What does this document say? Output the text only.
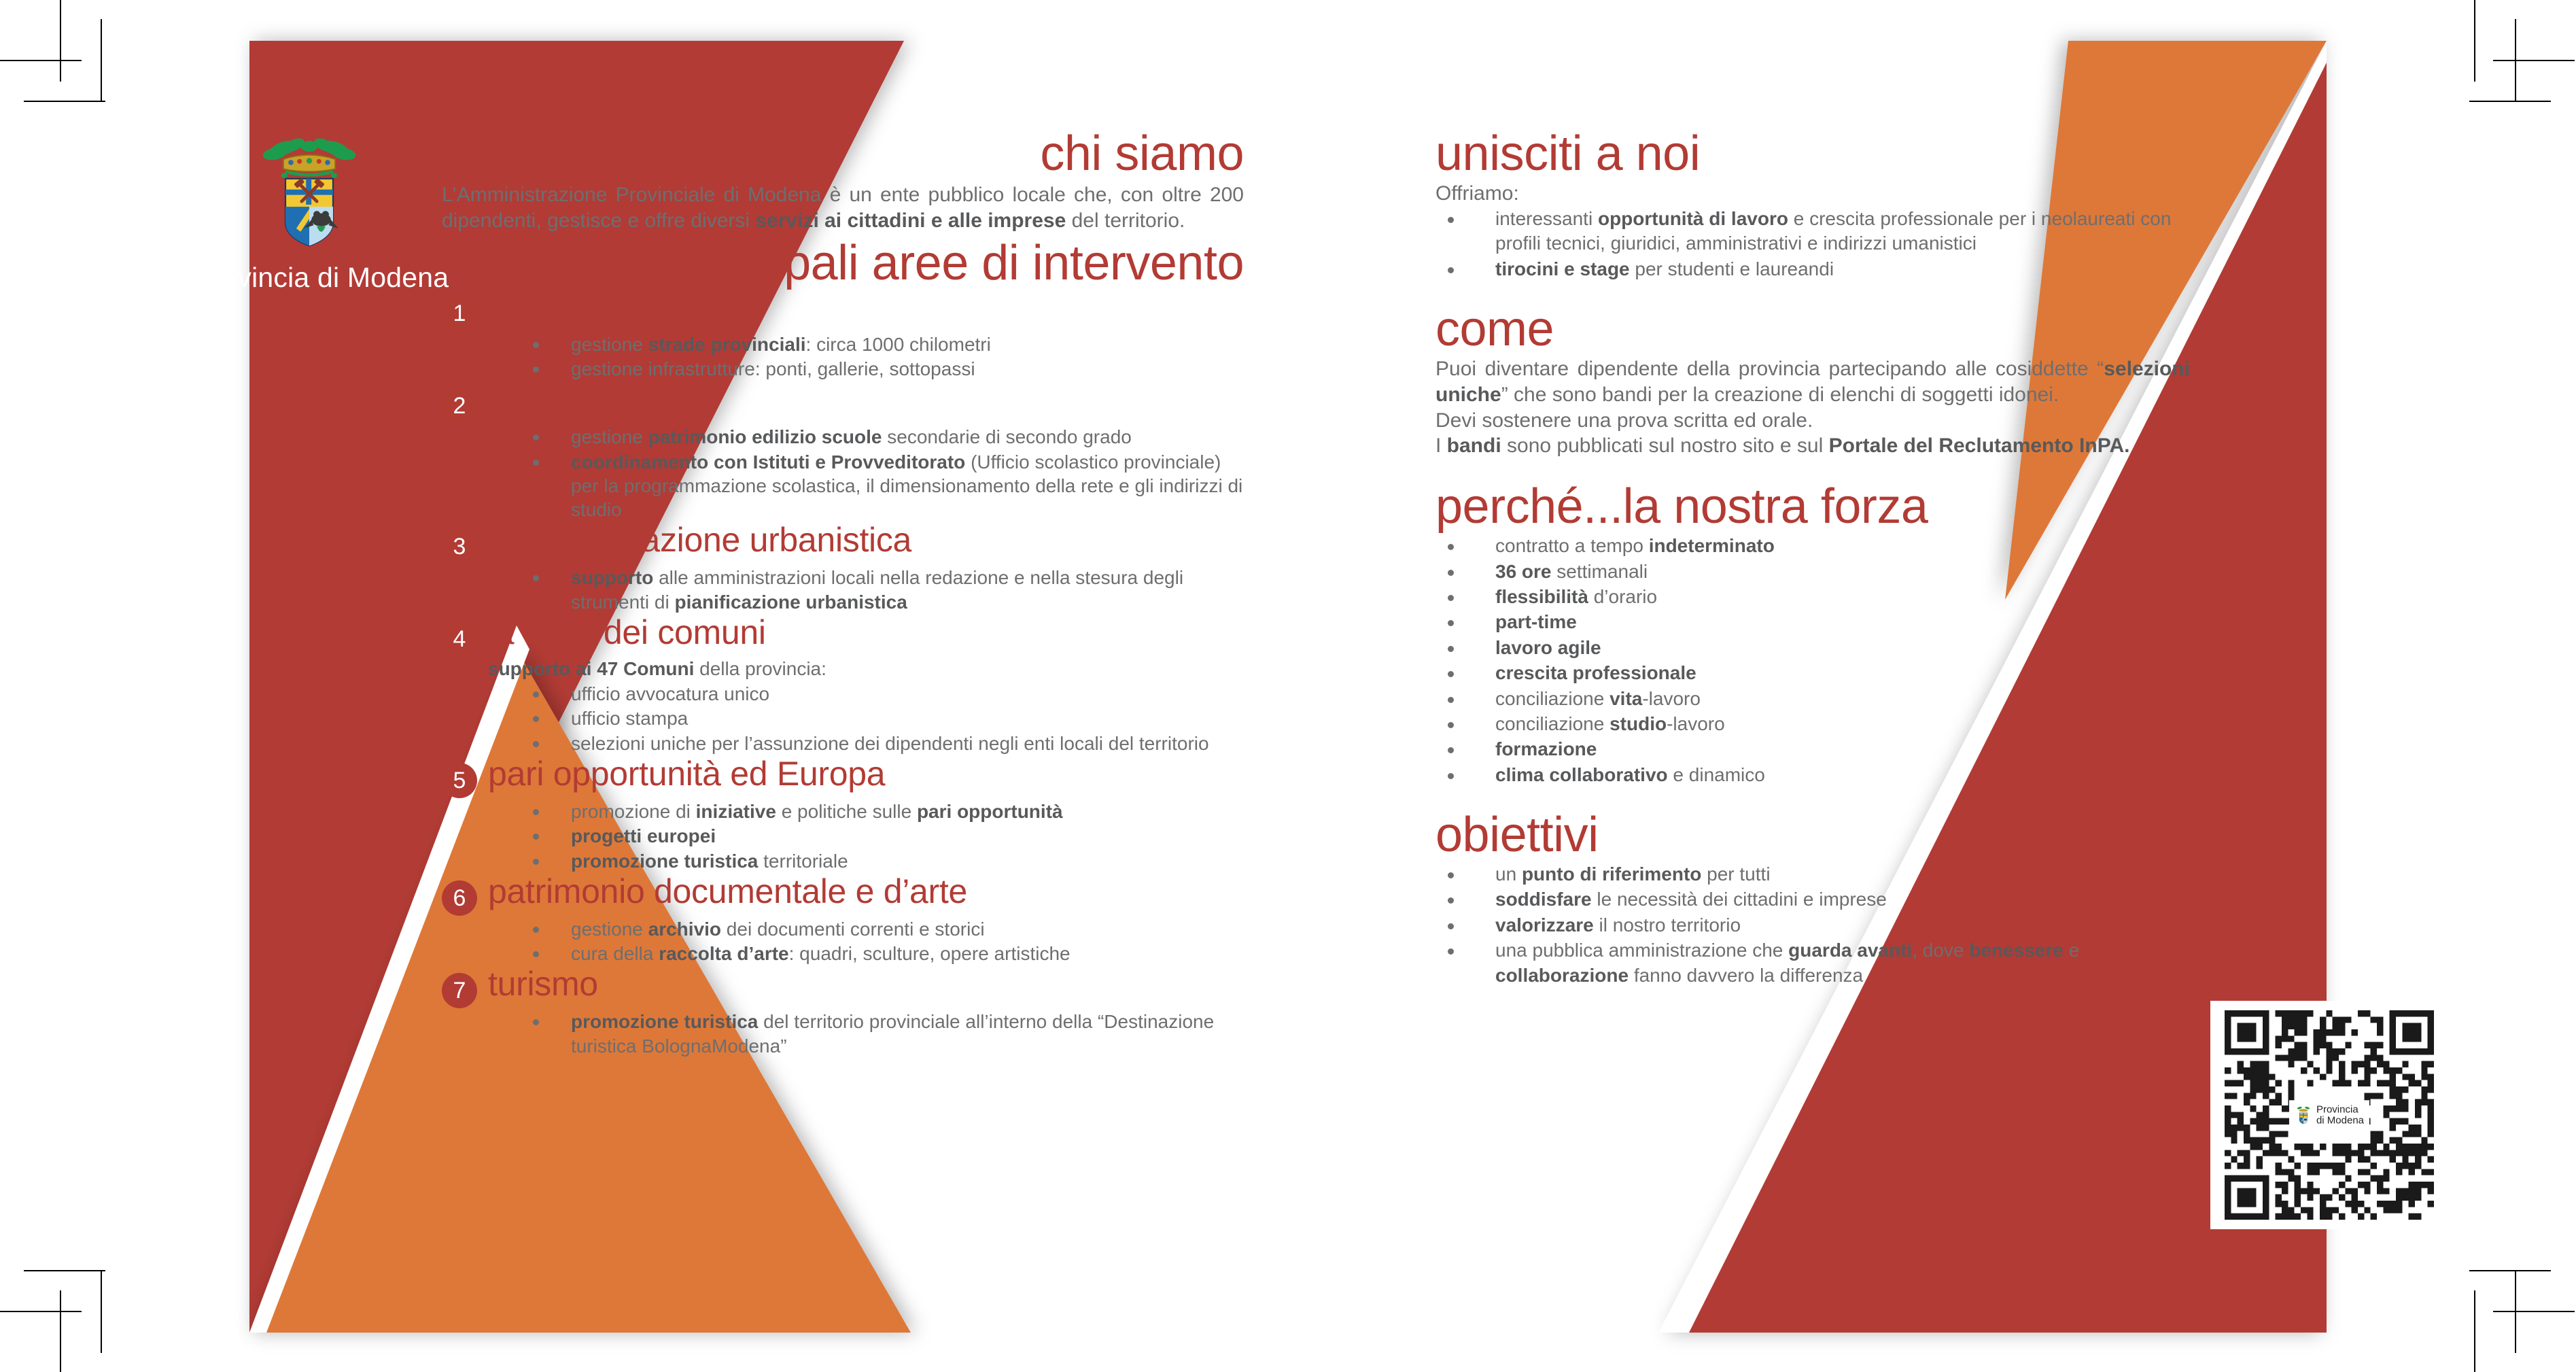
Provincia di Modena
chi siamo
L’Amministrazione Provinciale di Modena è un ente pubblico locale che, con oltre 200 dipendenti, gestisce e offre diversi servizi ai cittadini e alle imprese del territorio.
principali aree di intervento
1 viabilità e trasporti
gestione strade provinciali: circa 1000 chilometri
gestione infrastrutture: ponti, gallerie, sottopassi
2 scuola
gestione patrimonio edilizio scuole secondarie di secondo grado
coordinamento con Istituti e Provveditorato (Ufficio scolastico provinciale) per la programmazione scolastica, il dimensionamento della rete e gli indirizzi di studio
3 programmazione urbanistica
supporto alle amministrazioni locali nella redazione e nella stesura degli strumenti di pianificazione urbanistica
4 la casa dei comuni
supporto ai 47 Comuni della provincia:
ufficio avvocatura unico
ufficio stampa
selezioni uniche per l’assunzione dei dipendenti negli enti locali del territorio
5 pari opportunità ed Europa
promozione di iniziative e politiche sulle pari opportunità
progetti europei
promozione turistica territoriale
6 patrimonio documentale e d’arte
gestione archivio dei documenti correnti e storici
cura della raccolta d’arte: quadri, sculture, opere artistiche
7 turismo
promozione turistica del territorio provinciale all’interno della “Destinazione turistica BolognaModena”
unisciti a noi
Offriamo:
interessanti opportunità di lavoro e crescita professionale per i neolaureati con profili tecnici, giuridici, amministrativi e indirizzi umanistici
tirocini e stage per studenti e laureandi
come
Puoi diventare dipendente della provincia partecipando alle cosiddette “selezioni uniche” che sono bandi per la creazione di elenchi di soggetti idonei.
Devi sostenere una prova scritta ed orale.
I bandi sono pubblicati sul nostro sito e sul Portale del Reclutamento InPA.
perché...la nostra forza
contratto a tempo indeterminato
36 ore settimanali
flessibilità d’orario
part-time
lavoro agile
crescita professionale
conciliazione vita-lavoro
conciliazione studio-lavoro
formazione
clima collaborativo e dinamico
obiettivi
un punto di riferimento per tutti
soddisfare le necessità dei cittadini e imprese
valorizzare il nostro territorio
una pubblica amministrazione che guarda avanti, dove benessere e collaborazione fanno davvero la differenza
Provincia
di Modena
